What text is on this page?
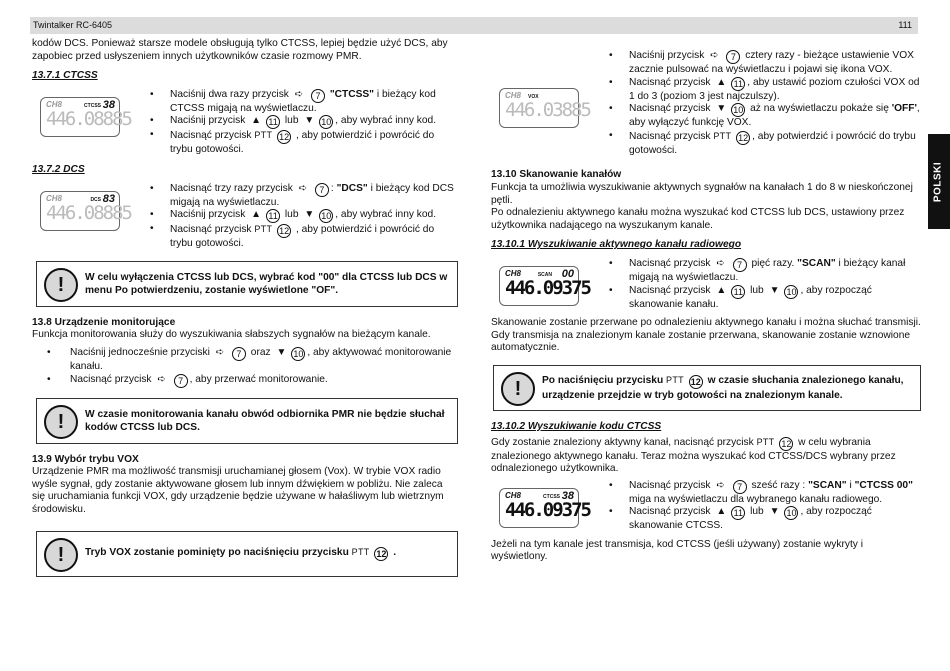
Twintalker RC-6405	111
POLSKI

kodów DCS. Ponieważ starsze modele obsługują tylko CTCSS, lepiej będzie użyć DCS, aby zapobiec przed usłyszeniem innych użytkowników czasie rozmowy PMR.

13.7.1 CTCSS
CH8	CTCSS 38
446.08885
• Naciśnij dwa razy przycisk ➪ 7 "CTCSS" i bieżący kod CTCSS migają na wyświetlaczu.
• Naciśnij przycisk ▲ 11 lub ▼ 10 , aby wybrać inny kod.
• Nacisnąć przycisk PTT 12 , aby potwierdzić i powrócić do trybu gotowości.
13.7.2 DCS
CH8	DCS 83
446.08885
• Nacisnąć trzy razy przycisk ➪ 7 : "DCS" i bieżący kod DCS migają na wyświetlaczu.
• Naciśnij przycisk ▲ 11 lub ▼ 10 , aby wybrać inny kod.
• Nacisnąć przycisk PTT 12 , aby potwierdzić i powrócić do trybu gotowości.
!	W celu wyłączenia CTCSS lub DCS, wybrać kod "00" dla CTCSS lub DCS w menu Po potwierdzeniu, zostanie wyświetlone "OF".
13.8 Urządzenie monitorujące

Funkcja monitorowania służy do wyszukiwania słabszych sygnałów na bieżącym kanale.

• Naciśnij jednocześnie przyciski ➪ 7 oraz ▼ 10 , aby aktywować monitorowanie kanału.
• Nacisnąć przycisk ➪ 7 , aby przerwać monitorowanie.
!	W czasie monitorowania kanału obwód odbiornika PMR nie będzie słuchał kodów CTCSS lub DCS.
13.9 Wybór trybu VOX

Urządzenie PMR ma możliwość transmisji uruchamianej głosem (Vox). W trybie VOX radio wyśle sygnał, gdy zostanie aktywowane głosem lub innym dźwiękiem w pobliżu. Nie zaleca się uruchamiania funkcji VOX, gdy urządzenie będzie używane w hałaśliwym lub wietrznym środowisku.

!	Tryb VOX zostanie pominięty po naciśnięciu przycisku PTT 12 .
CH8 VOX
446.03885
• Naciśnij przycisk ➪ 7 cztery razy - bieżące ustawienie VOX zacznie pulsować na wyświetlaczu i pojawi się ikona VOX.
• Nacisnąć przycisk ▲ 11 , aby ustawić poziom czułości VOX od 1 do 3 (poziom 3 jest najczulszy).
• Nacisnąć przycisk ▼ 10 aż na wyświetlaczu pokaże się 'OFF', aby wyłączyć funkcję VOX.
• Nacisnąć przycisk PTT 12 , aby potwierdzić i powrócić do trybu gotowości.
13.10 Skanowanie kanałów

Funkcja ta umożliwia wyszukiwanie aktywnych sygnałów na kanałach 1 do 8 w nieskończonej pętli.

Po odnalezieniu aktywnego kanału można wyszukać kod CTCSS lub DCS, ustawiony przez użytkownika nadającego na wyszukanym kanale.

13.10.1 Wyszukiwanie aktywnego kanału radiowego
CH8	SCAN 00
446.09375
• Nacisnąć przycisk ➪ 7 pięć razy. "SCAN" i bieżący kanał migają na wyświetlaczu.
• Nacisnąć przycisk ▲ 11 lub ▼ 10 , aby rozpocząć skanowanie kanału.

Skanowanie zostanie przerwane po odnalezieniu aktywnego kanału i można słuchać transmisji. Gdy transmisja na znalezionym kanale zostanie przerwana, skanowanie zostanie wznowione automatycznie.

!	Po naciśnięciu przycisku PTT 12 w czasie słuchania znalezionego kanału, urządzenie przejdzie w tryb gotowości na znalezionym kanale.
13.10.2 Wyszukiwanie kodu CTCSS

Gdy zostanie znaleziony aktywny kanał, nacisnąć przycisk PTT 12 w celu wybrania znalezionego aktywnego kanału. Teraz można wyszukać kod CTCSS/DCS wybrany przez odnalezionego użytkownika.

CH8	CTCSS 38
446.09375
• Nacisnąć przycisk ➪ 7 sześć razy : "SCAN" i "CTCSS 00" miga na wyświetlaczu dla wybranego kanału radiowego.
• Nacisnąć przycisk ▲ 11 lub ▼ 10 , aby rozpocząć skanowanie CTCSS.

Jeżeli na tym kanale jest transmisja, kod CTCSS (jeśli używany) zostanie wykryty i wyświetlony.
